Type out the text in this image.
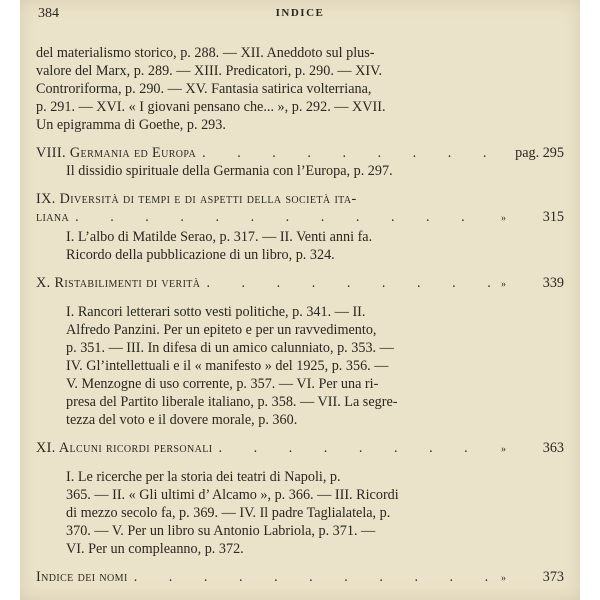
384	INDICE
del materialismo storico, p. 288. — XII. Aneddoto sul plus-
valore del Marx, p. 289. — XIII. Predicatori, p. 290. — XIV.
Controriforma, p. 290. — XV. Fantasia satirica volterriana,
p. 291. — XVI. « I giovani pensano che... », p. 292. — XVII.
Un epigramma di Goethe, p. 293.
VIII. Germania ed Europa . . .	pag. 295
Il dissidio spirituale della Germania con l’Europa, p. 297.
IX. Diversità di tempi e di aspetti della società ita-
liana . . .	»	315
I. L’albo di Matilde Serao, p. 317. — II. Venti anni fa.
Ricordo della pubblicazione di un libro, p. 324.
X. Ristabilimenti di verità . . .	»	339
I. Rancori letterari sotto vesti politiche, p. 341. — II.
Alfredo Panzini. Per un epiteto e per un ravvedimento,
p. 351. — III. In difesa di un amico calunniato, p. 353. —
IV. Gl’intellettuali e il « manifesto » del 1925, p. 356. —
V. Menzogne di uso corrente, p. 357. — VI. Per una ri-
presa del Partito liberale italiano, p. 358. — VII. La segre-
tezza del voto e il dovere morale, p. 360.
XI. Alcuni ricordi personali . . .	»	363
I. Le ricerche per la storia dei teatri di Napoli, p.
365. — II. « Gli ultimi d’ Alcamo », p. 366. — III. Ricordi
di mezzo secolo fa, p. 369. — IV. Il padre Taglialatela, p.
370. — V. Per un libro su Antonio Labriola, p. 371. —
VI. Per un compleanno, p. 372.
Indice dei nomi . . .	»	373
